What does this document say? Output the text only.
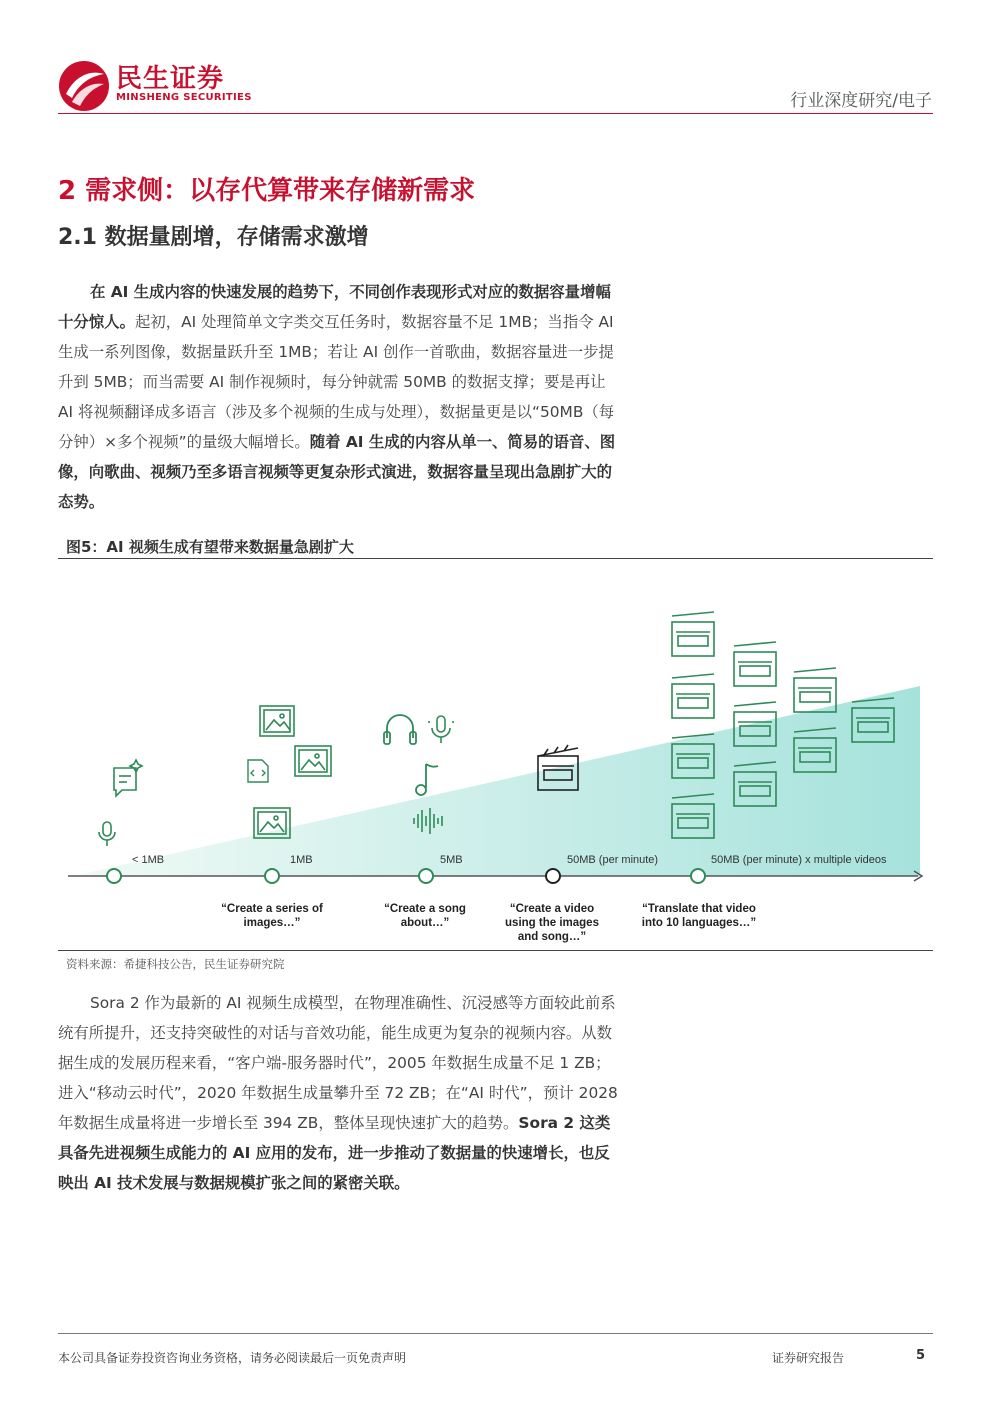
民生证券
MINSHENG SECURITIES	行业深度研究/电子
2 需求侧：以存代算带来存储新需求
2.1 数据量剧增，存储需求激增
在 AI 生成内容的快速发展的趋势下，不同创作表现形式对应的数据容量增幅
十分惊人。起初，AI 处理简单文字类交互任务时，数据容量不足 1MB；当指令 AI
生成一系列图像，数据量跃升至 1MB；若让 AI 创作一首歌曲，数据容量进一步提
升到 5MB；而当需要 AI 制作视频时，每分钟就需 50MB 的数据支撑；要是再让
AI 将视频翻译成多语言（涉及多个视频的生成与处理），数据量更是以“50MB（每
分钟）×多个视频”的量级大幅增长。随着 AI 生成的内容从单一、简易的语音、图
像，向歌曲、视频乃至多语言视频等更复杂形式演进，数据容量呈现出急剧扩大的
态势。
图5：AI 视频生成有望带来数据量急剧扩大
< 1MB	1MB	5MB	50MB (per minute)	50MB (per minute) x multiple videos
“Create a series of
images…”
“Create a song
about…”
“Create a video
using the images
and song…”
“Translate that video
into 10 languages…”
资料来源：希捷科技公告，民生证券研究院
Sora 2 作为最新的 AI 视频生成模型，在物理准确性、沉浸感等方面较此前系
统有所提升，还支持突破性的对话与音效功能，能生成更为复杂的视频内容。从数
据生成的发展历程来看，“客户端-服务器时代”，2005 年数据生成量不足 1 ZB；
进入“移动云时代”，2020 年数据生成量攀升至 72 ZB；在“AI 时代”，预计 2028
年数据生成量将进一步增长至 394 ZB，整体呈现快速扩大的趋势。Sora 2 这类
具备先进视频生成能力的 AI 应用的发布，进一步推动了数据量的快速增长，也反
映出 AI 技术发展与数据规模扩张之间的紧密关联。
本公司具备证券投资咨询业务资格，请务必阅读最后一页免责声明	证券研究报告	5
